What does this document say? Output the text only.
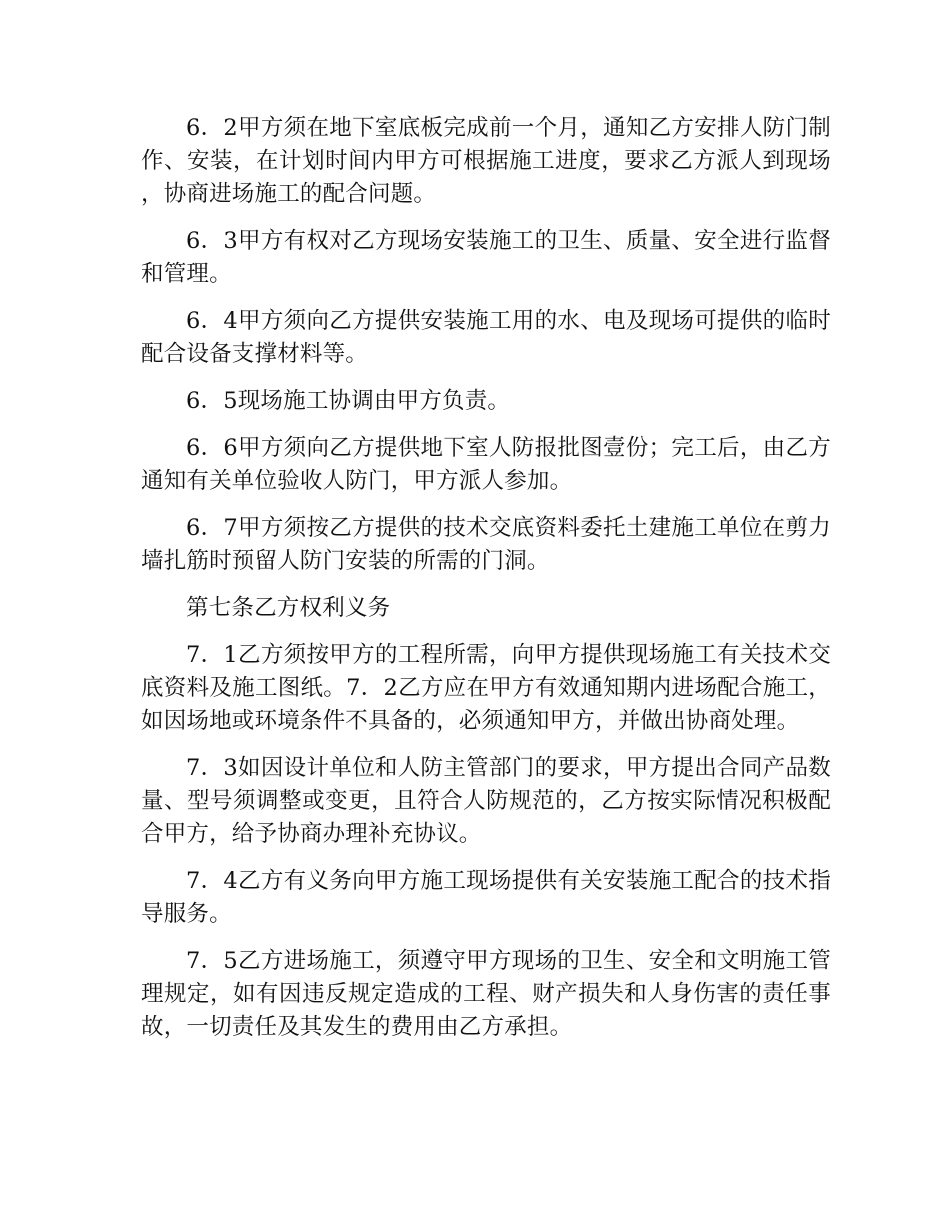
6．2甲方须在地下室底板完成前一个月，通知乙方安排人防门制作、安装，在计划时间内甲方可根据施工进度，要求乙方派人到现场，协商进场施工的配合问题。

6．3甲方有权对乙方现场安装施工的卫生、质量、安全进行监督和管理。

6．4甲方须向乙方提供安装施工用的水、电及现场可提供的临时配合设备支撑材料等。

6．5现场施工协调由甲方负责。

6．6甲方须向乙方提供地下室人防报批图壹份；完工后，由乙方通知有关单位验收人防门，甲方派人参加。

6．7甲方须按乙方提供的技术交底资料委托土建施工单位在剪力墙扎筋时预留人防门安装的所需的门洞。

第七条乙方权利义务

7．1乙方须按甲方的工程所需，向甲方提供现场施工有关技术交底资料及施工图纸。7．2乙方应在甲方有效通知期内进场配合施工，如因场地或环境条件不具备的，必须通知甲方，并做出协商处理。

7．3如因设计单位和人防主管部门的要求，甲方提出合同产品数量、型号须调整或变更，且符合人防规范的，乙方按实际情况积极配合甲方，给予协商办理补充协议。

7．4乙方有义务向甲方施工现场提供有关安装施工配合的技术指导服务。

7．5乙方进场施工，须遵守甲方现场的卫生、安全和文明施工管理规定，如有因违反规定造成的工程、财产损失和人身伤害的责任事故，一切责任及其发生的费用由乙方承担。
